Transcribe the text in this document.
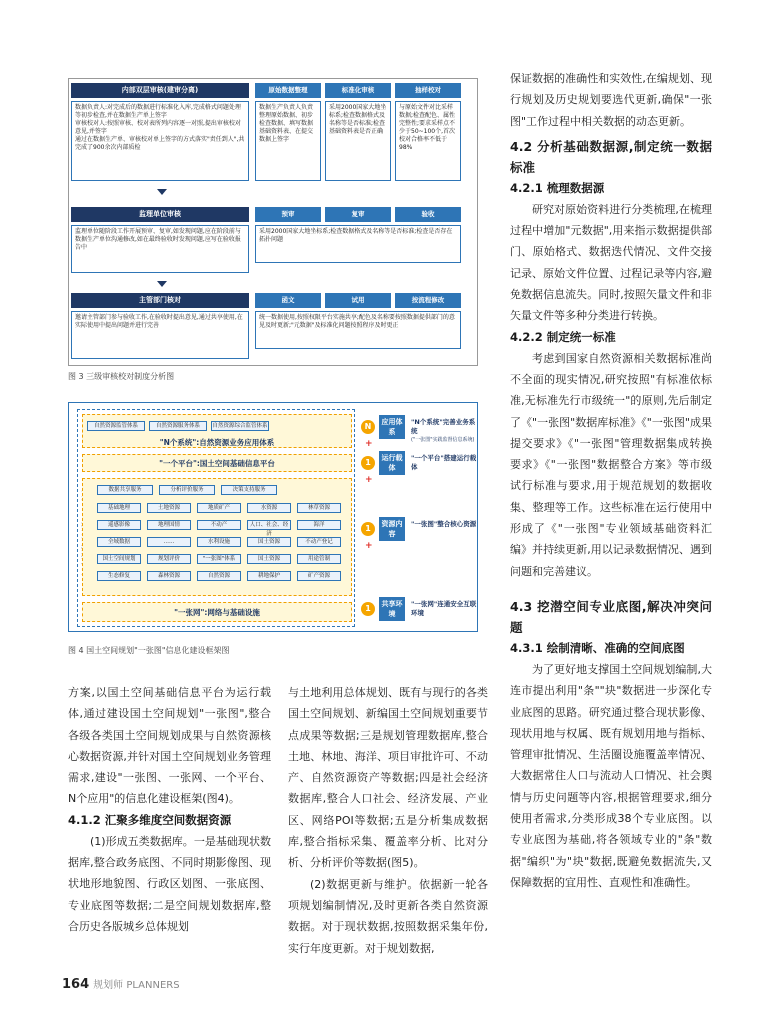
内部双层审核(建审分离)
数据负责人:对完成后的数据进行标准化入库,完成格式问题处理等初步检查,并在数据生产单上签字
审核校对人:按照审核、校对表所列内容逐一对照,提出审核校对意见,并签字
通过在数据生产单、审核校对单上签字的方式落实"责任到人",共完成了900余次内部质检
原始数据整理
数据生产负责人负责整理原始数据、初步检查数据、填写数据基础资料表、在提交数据上签字
标准化审核
采用2000国家大地坐标系;检查数据格式及名称等是否标准;检查基础资料表是否正确
抽样校对
与原始文件对比采样数据;检查配色、属性完整性;要求采样点不少于50~100个,首次校对合格率不低于98%
监理单位审核
监理单位随阶段工作开展预审、复审,如发现问题,应在阶段前与数据生产单位沟通修改,如在最终验收时发现问题,应写在验收报告中
预审	复审	验收
采用2000国家大地坐标系;检查数据格式及名称等是否标准;检查是否存在拓扑问题
主管部门核对
邀请主管部门参与验收工作,在验收时提出意见,通过共享使用,在实际使用中提出问题并进行完善
函文	试用	按流程修改
统一数据使用,按照权限平台实施共享;配色及名称要按照数据提供部门的意见及时更新;"元数据"及标准化问题按照程序及时更正
图 3 三级审核校对制度分析图
"N个系统":自然资源业务应用体系
自然资源监管体系	自然资源服务体系	自然资源综合监管体系
"一个平台":国土空间基础信息平台
数据共享服务	分析评价服务	决策支持服务
基础地理	土地资源	地质矿产	水资源	林草资源
遥感影像	地理国情	不动产	人口、社会、经济
海洋
全域数据	……	水利设施	国土资源	不动产登记
国土空间规划	规划评价	"一张图"体系	国土资源	用途管制
生态修复	森林资源	自然资源	耕地保护	矿产资源
"一张网":网络与基础设施
N	应用体系
"N个系统"完善业务系统
("一张图"实践监督信息系统)
+
1	运行载体
"一个平台"搭建运行载体
+
1	资源内容
"一张图"整合核心资源
+
1	共享环境
"一张网"连通安全互联环境
图 4 国土空间规划"一张图"信息化建设框架图

方案,以国土空间基础信息平台为运行载体,通过建设国土空间规划"一张图",整合各级各类国土空间规划成果与自然资源核心数据资源,并针对国土空间规划业务管理需求,建设"一张图、一张网、一个平台、N个应用"的信息化建设框架(图4)。

4.1.2 汇聚多维度空间数据资源

(1)形成五类数据库。一是基础现状数据库,整合政务底图、不同时期影像图、现状地形地貌图、行政区划图、一张底图、专业底图等数据;二是空间规划数据库,整合历史各版城乡总体规划

与土地利用总体规划、既有与现行的各类国土空间规划、新编国土空间规划重要节点成果等数据;三是规划管理数据库,整合土地、林地、海洋、项目审批许可、不动产、自然资源资产等数据;四是社会经济数据库,整合人口社会、经济发展、产业区、网络POI等数据;五是分析集成数据库,整合指标采集、覆盖率分析、比对分析、分析评价等数据(图5)。

(2)数据更新与维护。依据新一轮各项规划编制情况,及时更新各类自然资源数据。对于现状数据,按照数据采集年份,实行年度更新。对于规划数据,

保证数据的准确性和实效性,在编规划、现行规划及历史规划要选代更新,确保"一张图"工作过程中相关数据的动态更新。

4.2 分析基础数据源,制定统一数据标准
4.2.1 梳理数据源

研究对原始资料进行分类梳理,在梳理过程中增加"元数据",用来指示数据提供部门、原始格式、数据迭代情况、文件交接记录、原始文件位置、过程记录等内容,避免数据信息流失。同时,按照矢量文件和非矢量文件等多种分类进行转换。

4.2.2 制定统一标准

考虑到国家自然资源相关数据标准尚不全面的现实情况,研究按照"有标准依标准,无标准先行市级统一"的原则,先后制定了《"一张图"数据库标准》《"一张图"成果提交要求》《"一张图"管理数据集成转换要求》《"一张图"数据整合方案》等市级试行标准与要求,用于规范规划的数据收集、整理等工作。这些标准在运行使用中形成了《"一张图"专业领域基础资料汇编》并持续更新,用以记录数据情况、遇到问题和完善建议。

4.3 挖潜空间专业底图,解决冲突问题
4.3.1 绘制清晰、准确的空间底图

为了更好地支撑国土空间规划编制,大连市提出利用"条""块"数据进一步深化专业底图的思路。研究通过整合现状影像、现状用地与权属、既有规划用地与指标、管理审批情况、生活圈设施覆盖率情况、大数据常住人口与流动人口情况、社会舆情与历史问题等内容,根据管理要求,细分使用者需求,分类形成38个专业底图。以专业底图为基础,将各领域专业的"条"数据"编织"为"块"数据,既避免数据流失,又保障数据的宜用性、直观性和准确性。

164 规划师 PLANNERS
